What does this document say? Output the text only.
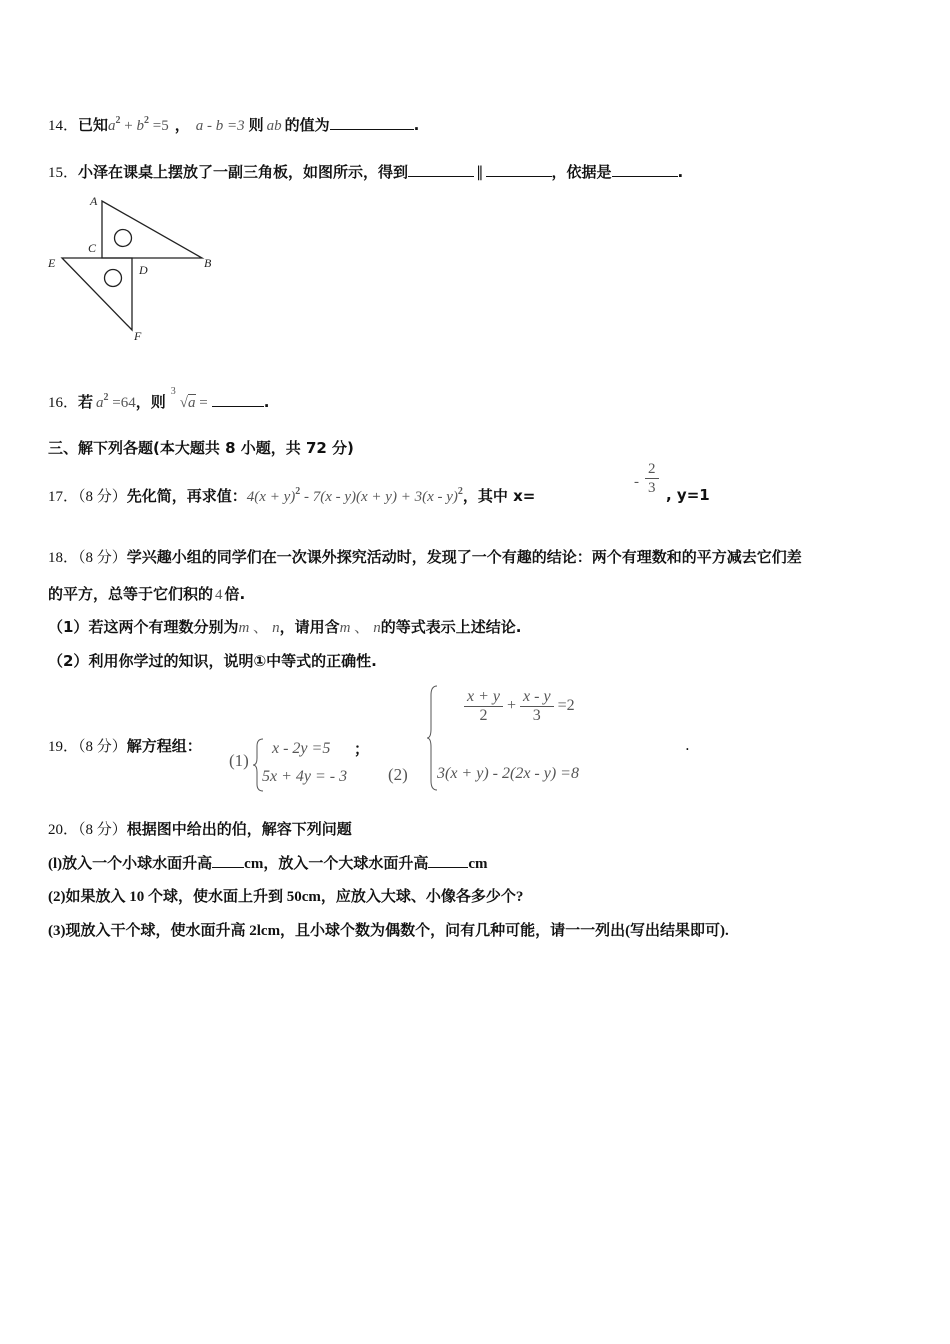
14．已知$a^2 + b^2 =5$ ， a - b =3 则 ab 的值为	.
15．小泽在课桌上摆放了一副三角板，如图所示，得到	∥	，依据是	.
A
C
E	D	B
F
16．若 $a^2 =64$，则
3
√a =	.
三、解下列各题(本大题共 8 小题，共 72 分)
17．（8 分）先化简，再求值：$4(x + y)^2 - 7(x - y)(x + y) + 3(x - y)^2$，其中 x=
- $\frac{2}{3}$ , y=1
18．（8 分）学兴趣小组的同学们在一次课外探究活动时，发现了一个有趣的结论：两个有理数和的平方减去它们差
的平方，总等于它们积的 4 倍.
（1）若这两个有理数分别为m 、 n，请用含m 、 n的等式表示上述结论.
（2）利用你学过的知识，说明①中等式的正确性.
19．（8 分）解方程组：
(1)
x - 2y =5
5x + 4y = - 3
；
(2)
$\frac{x + y}{2} + \frac{x - y}{3} =2$
3(x + y) - 2(2x - y) =8
.
20．（8 分）根据图中给出的伯，解容下列问题
(l)放入一个小球水面升高 cm，放入一个大球水面升高	cm
(2)如果放入 10 个球，使水面上升到 50cm，应放入大球、小像各多少个?
(3)现放入干个球，使水面升高 2lcm，且小球个数为偶数个，问有几种可能，请一一列出(写出结果即可).
